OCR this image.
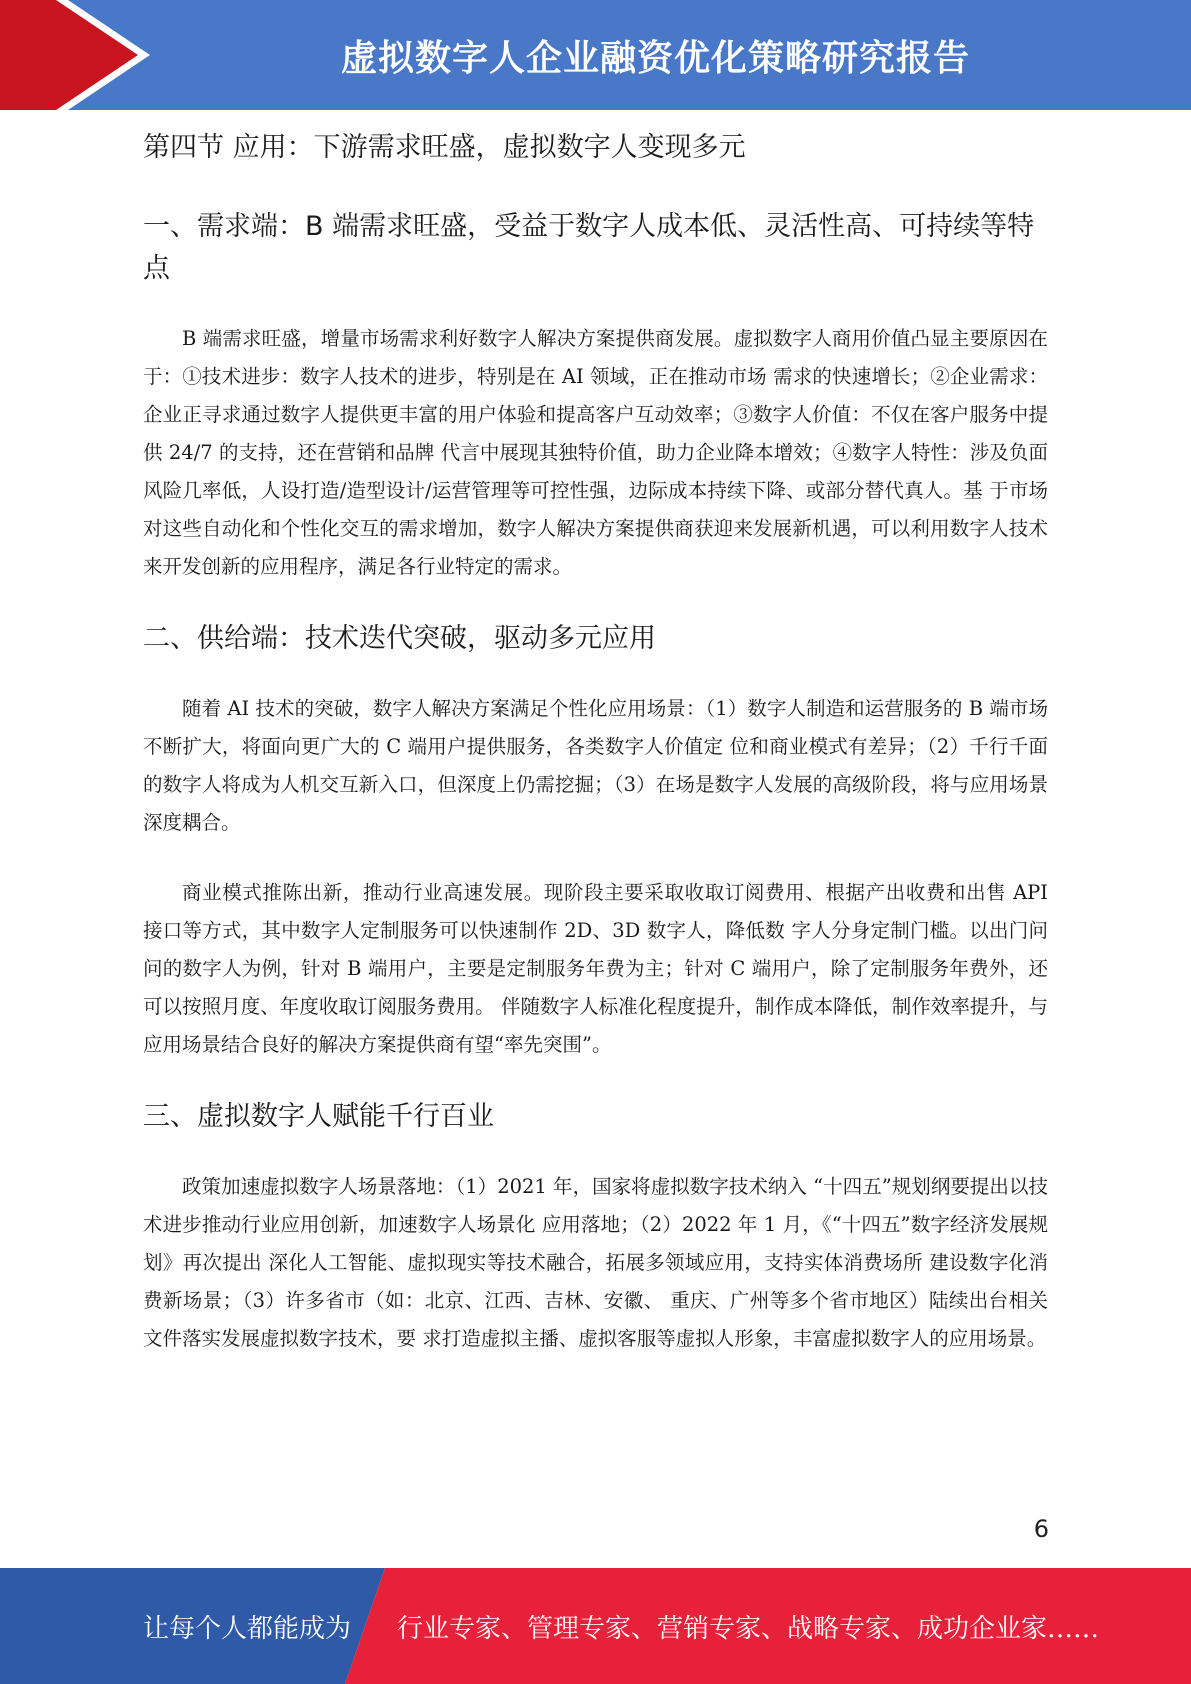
虚拟数字人企业融资优化策略研究报告
第四节 应用：下游需求旺盛，虚拟数字人变现多元
一、需求端：B 端需求旺盛，受益于数字人成本低、灵活性高、可持续等特点

B 端需求旺盛，增量市场需求利好数字人解决方案提供商发展。虚拟数字人商用价值凸显主要原因在于：①技术进步：数字人技术的进步，特别是在 AI 领域，正在推动市场 需求的快速增长；②企业需求：企业正寻求通过数字人提供更丰富的用户体验和提高客户互动效率；③数字人价值：不仅在客户服务中提供 24/7 的支持，还在营销和品牌 代言中展现其独特价值，助力企业降本增效；④数字人特性：涉及负面风险几率低，人设打造/造型设计/运营管理等可控性强，边际成本持续下降、或部分替代真人。基 于市场对这些自动化和个性化交互的需求增加，数字人解决方案提供商获迎来发展新机遇，可以利用数字人技术来开发创新的应用程序，满足各行业特定的需求。

二、供给端：技术迭代突破，驱动多元应用

随着 AI 技术的突破，数字人解决方案满足个性化应用场景：（1）数字人制造和运营服务的 B 端市场不断扩大，将面向更广大的 C 端用户提供服务，各类数字人价值定 位和商业模式有差异；（2）千行千面的数字人将成为人机交互新入口，但深度上仍需挖掘；（3）在场是数字人发展的高级阶段，将与应用场景深度耦合。

商业模式推陈出新，推动行业高速发展。现阶段主要采取收取订阅费用、根据产出收费和出售 API 接口等方式，其中数字人定制服务可以快速制作 2D、3D 数字人，降低数 字人分身定制门槛。以出门问问的数字人为例，针对 B 端用户，主要是定制服务年费为主；针对 C 端用户，除了定制服务年费外，还可以按照月度、年度收取订阅服务费用。 伴随数字人标准化程度提升，制作成本降低，制作效率提升，与应用场景结合良好的解决方案提供商有望“率先突围”。

三、虚拟数字人赋能千行百业

政策加速虚拟数字人场景落地：（1）2021 年，国家将虚拟数字技术纳入 “十四五”规划纲要提出以技术进步推动行业应用创新，加速数字人场景化 应用落地；（2）2022 年 1 月，《“十四五”数字经济发展规划》再次提出 深化人工智能、虚拟现实等技术融合，拓展多领域应用，支持实体消费场所 建设数字化消费新场景；（3）许多省市（如：北京、江西、吉林、安徽、 重庆、广州等多个省市地区）陆续出台相关文件落实发展虚拟数字技术，要 求打造虚拟主播、虚拟客服等虚拟人形象，丰富虚拟数字人的应用场景。

6
让每个人都能成为 行业专家、管理专家、营销专家、战略专家、成功企业家……
